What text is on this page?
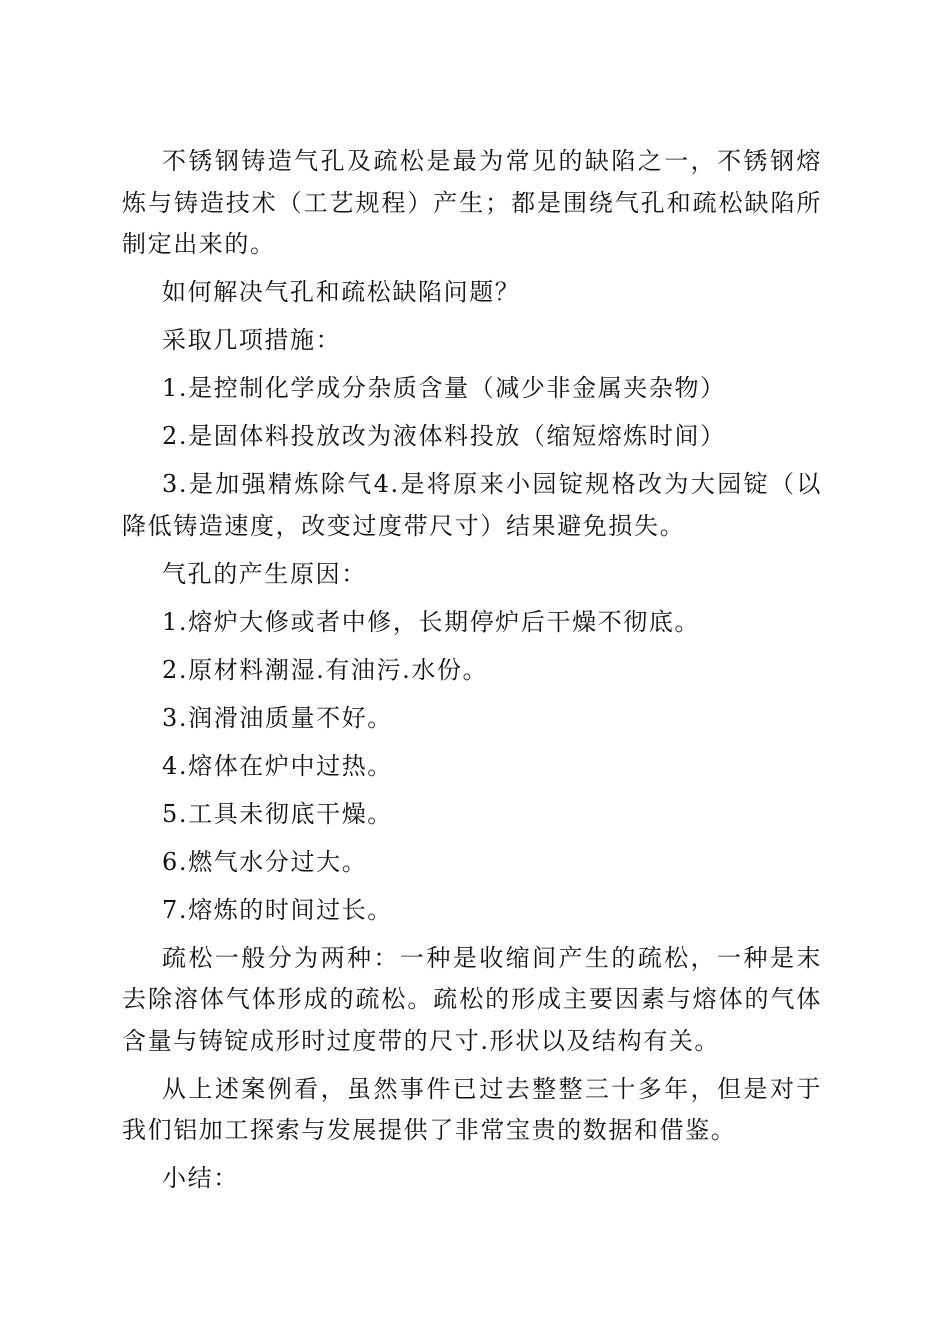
不锈钢铸造气孔及疏松是最为常见的缺陷之一，不锈钢熔炼与铸造技术（工艺规程）产生；都是围绕气孔和疏松缺陷所制定出来的。

如何解决气孔和疏松缺陷问题？

采取几项措施：

1.是控制化学成分杂质含量（减少非金属夹杂物）

2.是固体料投放改为液体料投放（缩短熔炼时间）

3.是加强精炼除气4.是将原来小园锭规格改为大园锭（以降低铸造速度，改变过度带尺寸）结果避免损失。

气孔的产生原因：

1.熔炉大修或者中修，长期停炉后干燥不彻底。

2.原材料潮湿.有油污.水份。

3.润滑油质量不好。

4.熔体在炉中过热。

5.工具未彻底干燥。

6.燃气水分过大。

7.熔炼的时间过长。

疏松一般分为两种：一种是收缩间产生的疏松，一种是末去除溶体气体形成的疏松。疏松的形成主要因素与熔体的气体含量与铸锭成形时过度带的尺寸.形状以及结构有关。

从上述案例看，虽然事件已过去整整三十多年，但是对于我们铝加工探索与发展提供了非常宝贵的数据和借鉴。

小结：
